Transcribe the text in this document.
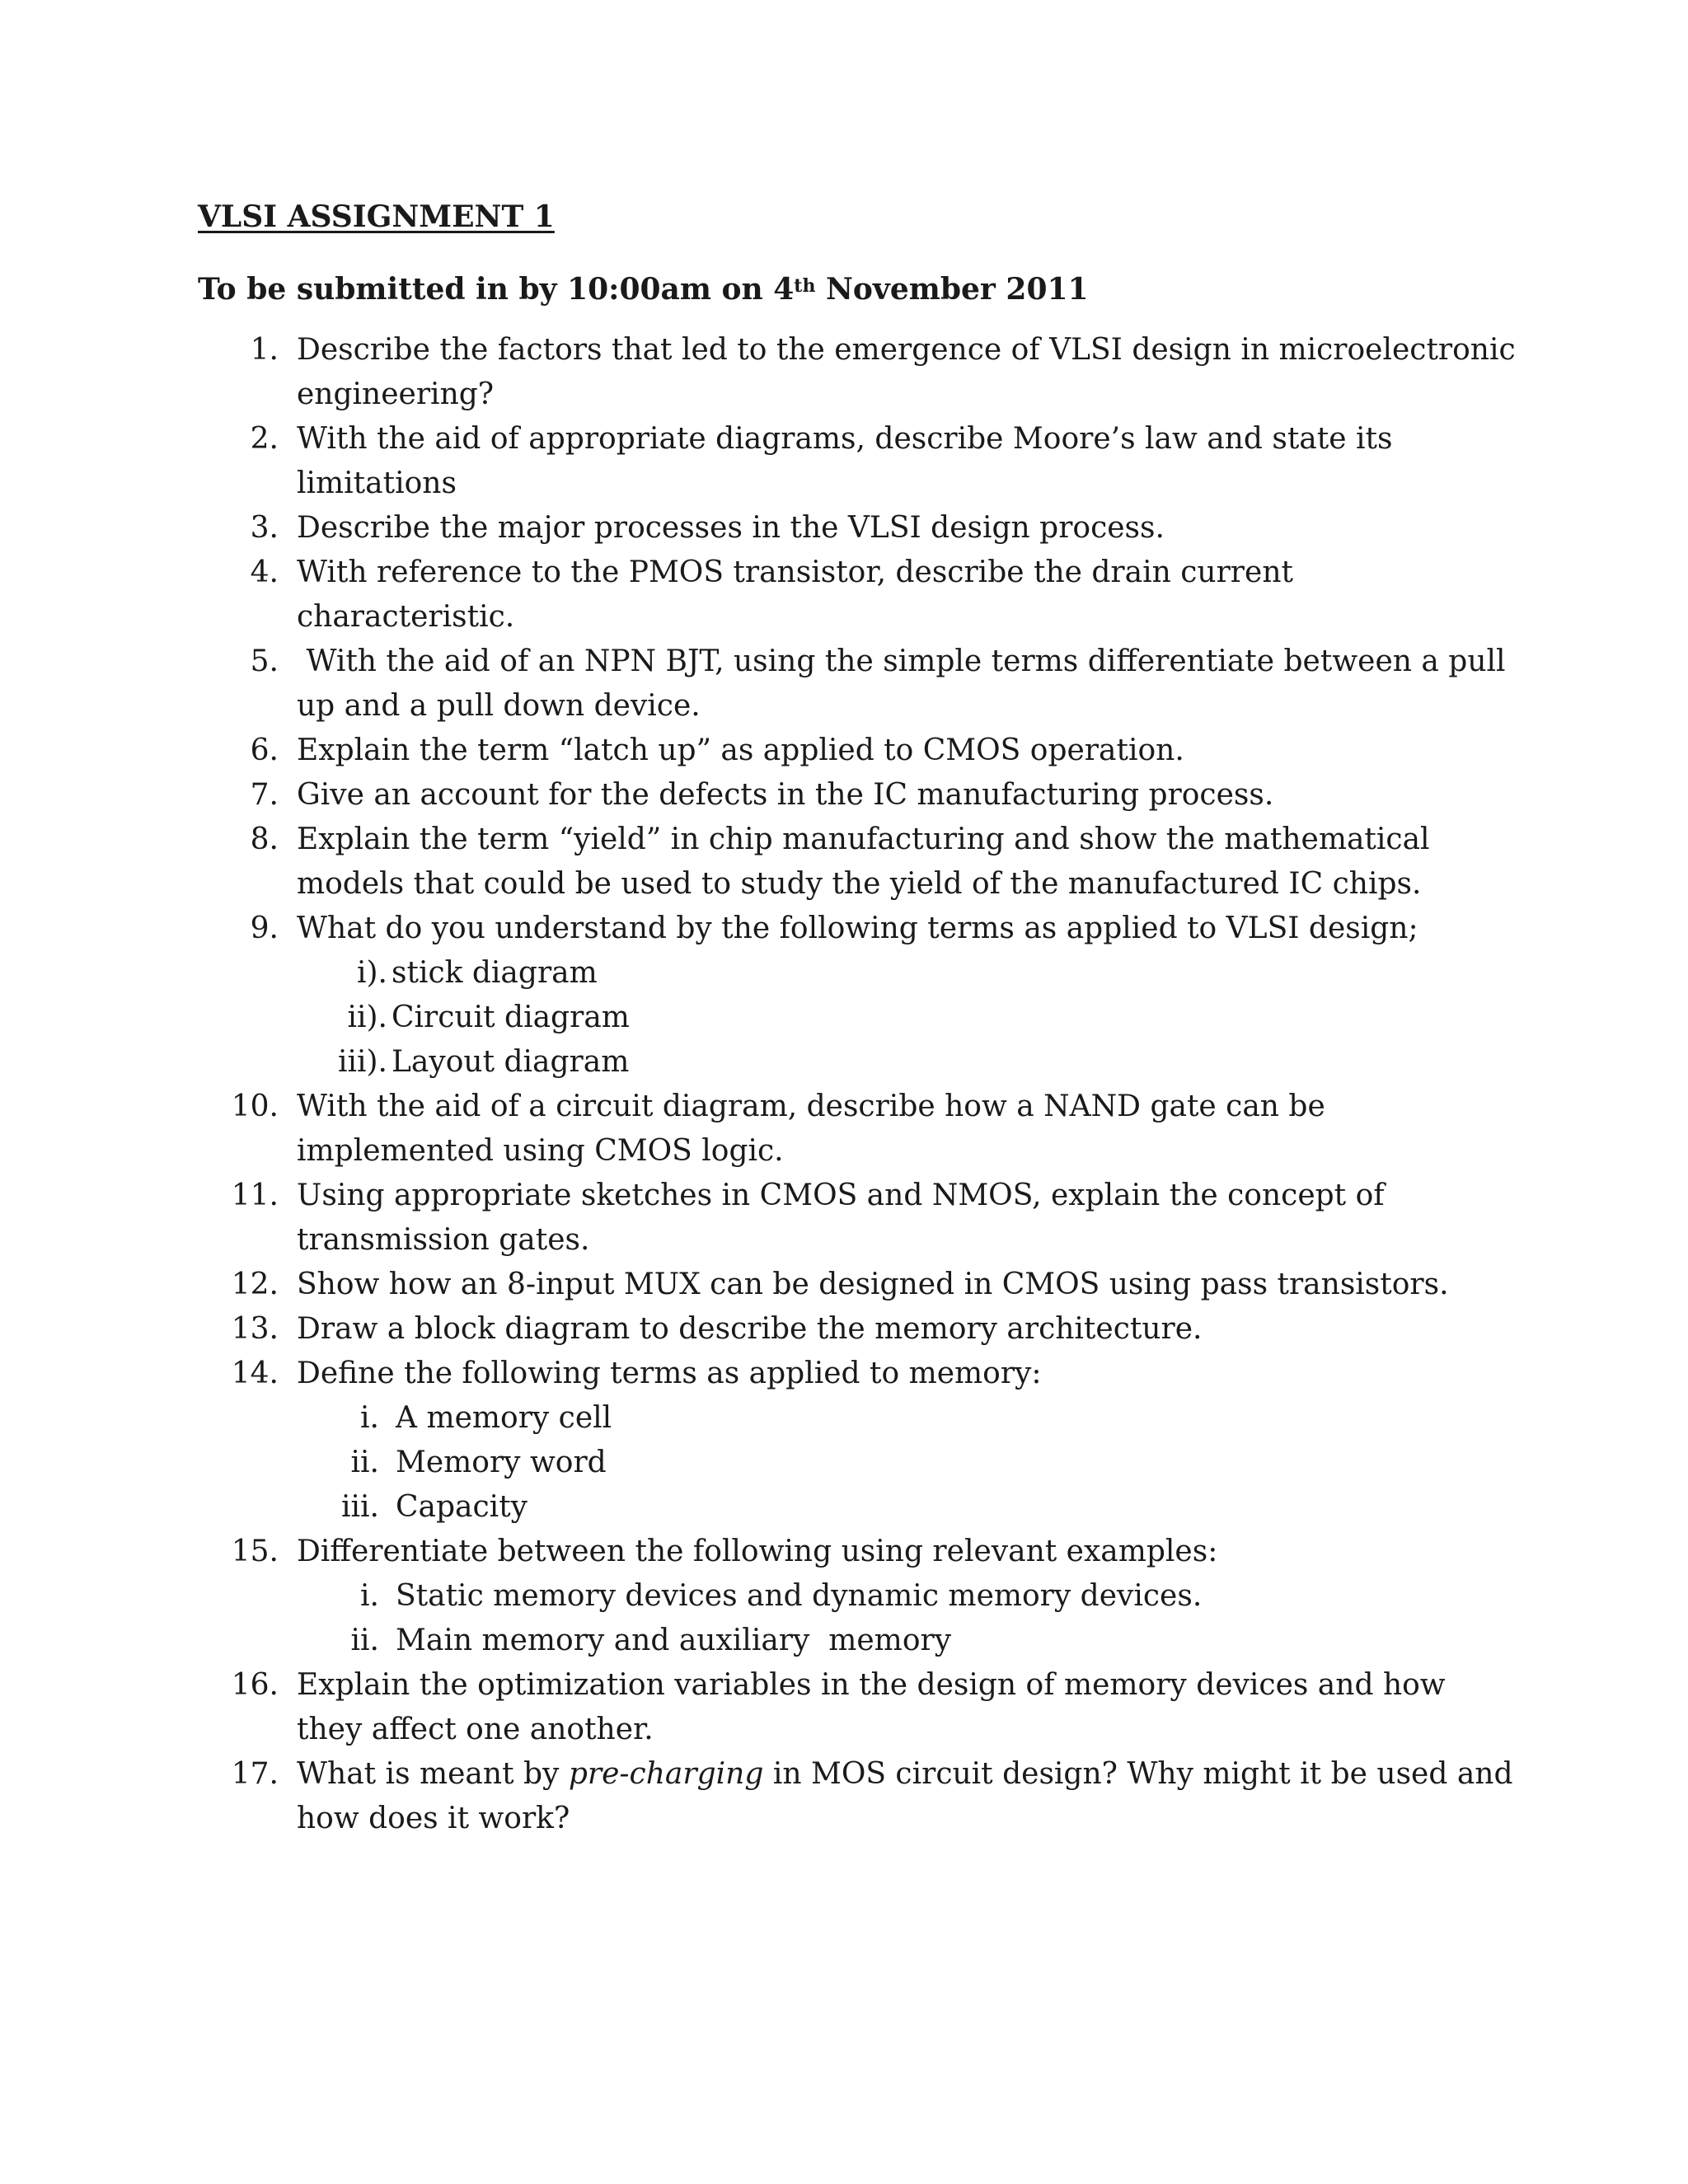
VLSI ASSIGNMENT 1

To be submitted in by 10:00am on 4th November 2011

1. Describe the factors that led to the emergence of VLSI design in microelectronic engineering?
2. With the aid of appropriate diagrams, describe Moore’s law and state its limitations
3. Describe the major processes in the VLSI design process.
4. With reference to the PMOS transistor, describe the drain current characteristic.
5. With the aid of an NPN BJT, using the simple terms differentiate between a pull up and a pull down device.
6. Explain the term “latch up” as applied to CMOS operation.
7. Give an account for the defects in the IC manufacturing process.
8. Explain the term “yield” in chip manufacturing and show the mathematical models that could be used to study the yield of the manufactured IC chips.
9. What do you understand by the following terms as applied to VLSI design;
i). stick diagram
ii). Circuit diagram
iii). Layout diagram
10. With the aid of a circuit diagram, describe how a NAND gate can be implemented using CMOS logic.
11. Using appropriate sketches in CMOS and NMOS, explain the concept of transmission gates.
12. Show how an 8-input MUX can be designed in CMOS using pass transistors.
13. Draw a block diagram to describe the memory architecture.
14. Define the following terms as applied to memory:
i. A memory cell
ii. Memory word
iii. Capacity
15. Differentiate between the following using relevant examples:
i. Static memory devices and dynamic memory devices.
ii. Main memory and auxiliary  memory
16. Explain the optimization variables in the design of memory devices and how they affect one another.
17. What is meant by pre-charging in MOS circuit design? Why might it be used and how does it work?
